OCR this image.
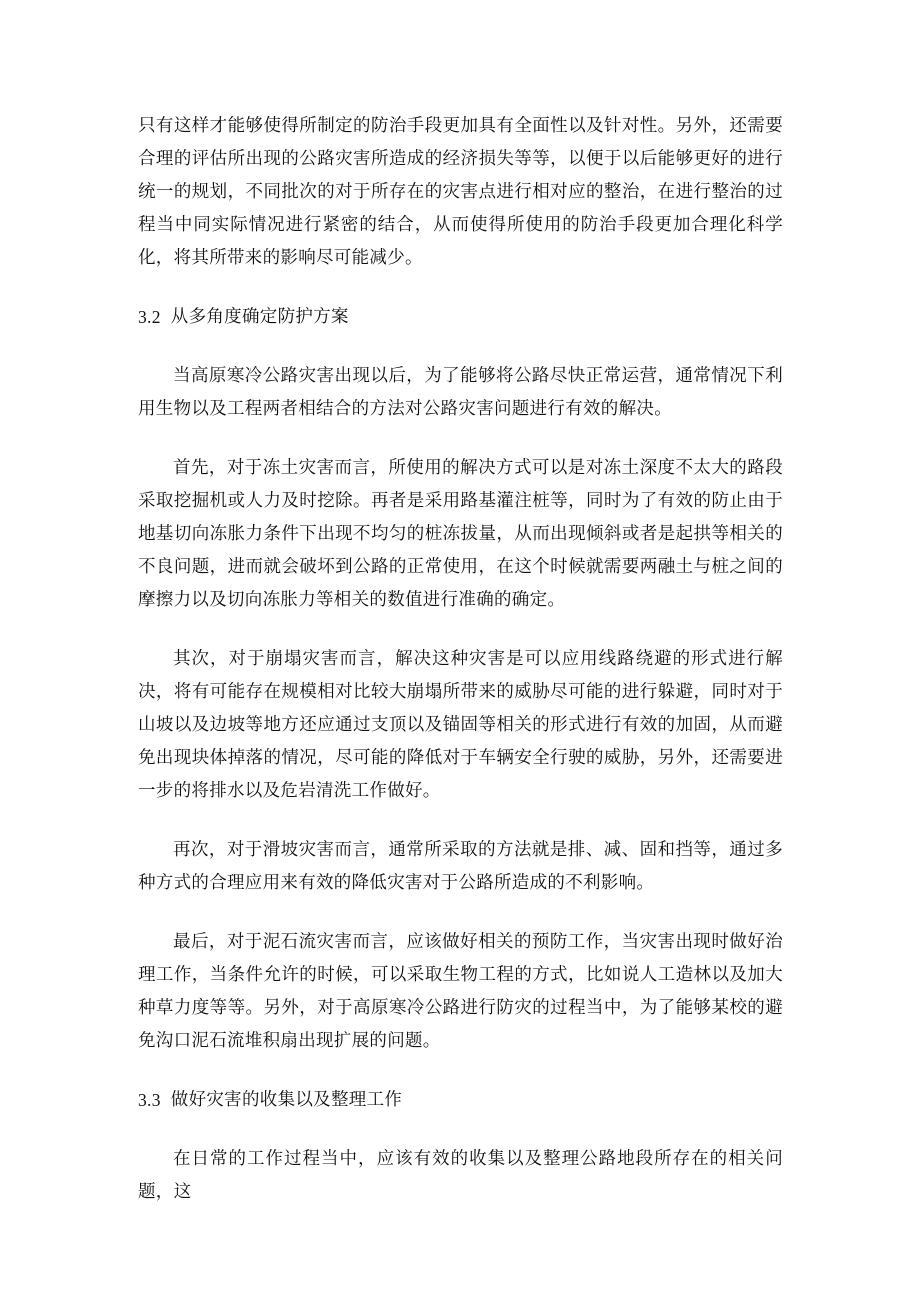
只有这样才能够使得所制定的防治手段更加具有全面性以及针对性。另外，还需要合理的评估所出现的公路灾害所造成的经济损失等等，以便于以后能够更好的进行统一的规划，不同批次的对于所存在的灾害点进行相对应的整治，在进行整治的过程当中同实际情况进行紧密的结合，从而使得所使用的防治手段更加合理化科学化，将其所带来的影响尽可能减少。

3.2 从多角度确定防护方案

当高原寒冷公路灾害出现以后，为了能够将公路尽快正常运营，通常情况下利用生物以及工程两者相结合的方法对公路灾害问题进行有效的解决。

首先，对于冻土灾害而言，所使用的解决方式可以是对冻土深度不太大的路段采取挖掘机或人力及时挖除。再者是采用路基灌注桩等，同时为了有效的防止由于地基切向冻胀力条件下出现不均匀的桩冻拔量，从而出现倾斜或者是起拱等相关的不良问题，进而就会破坏到公路的正常使用，在这个时候就需要两融土与桩之间的摩擦力以及切向冻胀力等相关的数值进行准确的确定。

其次，对于崩塌灾害而言，解决这种灾害是可以应用线路绕避的形式进行解决，将有可能存在规模相对比较大崩塌所带来的威胁尽可能的进行躲避，同时对于山坡以及边坡等地方还应通过支顶以及锚固等相关的形式进行有效的加固，从而避免出现块体掉落的情况，尽可能的降低对于车辆安全行驶的威胁，另外，还需要进一步的将排水以及危岩清洗工作做好。

再次，对于滑坡灾害而言，通常所采取的方法就是排、减、固和挡等，通过多种方式的合理应用来有效的降低灾害对于公路所造成的不利影响。

最后，对于泥石流灾害而言，应该做好相关的预防工作，当灾害出现时做好治理工作，当条件允许的时候，可以采取生物工程的方式，比如说人工造林以及加大种草力度等等。另外，对于高原寒冷公路进行防灾的过程当中，为了能够某校的避免沟口泥石流堆积扇出现扩展的问题。

3.3 做好灾害的收集以及整理工作

在日常的工作过程当中，应该有效的收集以及整理公路地段所存在的相关问题，这
